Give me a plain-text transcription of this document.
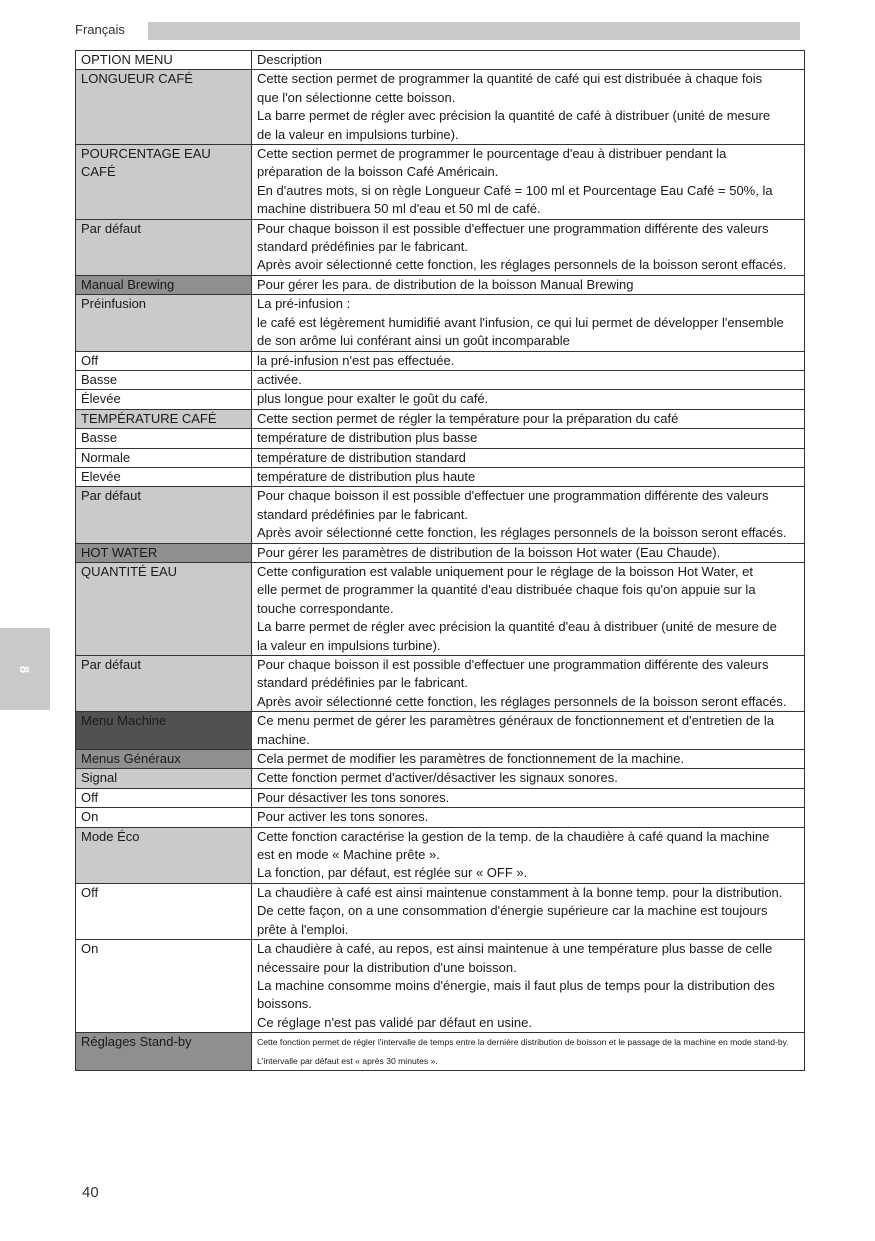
Français
8
OPTION MENU	Description

LONGUEUR CAFÉ	Cette section permet de programmer la quantité de café qui est distribuée à chaque fois
que l'on sélectionne cette boisson.
La barre permet de régler avec précision la quantité de café à distribuer (unité de mesure
de la valeur en impulsions turbine).

POURCENTAGE EAU CAFÉ	Cette section permet de programmer le pourcentage d'eau à distribuer pendant la
préparation de la boisson Café Américain.
En d'autres mots, si on règle Longueur Café = 100 ml et Pourcentage Eau Café = 50%, la
machine distribuera 50 ml d'eau et 50 ml de café.

Par défaut	Pour chaque boisson il est possible d'effectuer une programmation différente des valeurs
standard prédéfinies par le fabricant.
Après avoir sélectionné cette fonction, les réglages personnels de la boisson seront effacés.

Manual Brewing	Pour gérer les para. de distribution de la boisson Manual Brewing

Préinfusion	La pré-infusion :
le café est légèrement humidifié avant l'infusion, ce qui lui permet de développer l'ensemble
de son arôme lui conférant ainsi un goût incomparable

Off	la pré-infusion n'est pas effectuée.

Basse	activée.

Élevée	plus longue pour exalter le goût du café.

TEMPÉRATURE CAFÉ	Cette section permet de régler la température pour la préparation du café

Basse	température de distribution plus basse

Normale	température de distribution standard

Elevée	température de distribution plus haute

Par défaut	Pour chaque boisson il est possible d'effectuer une programmation différente des valeurs
standard prédéfinies par le fabricant.
Après avoir sélectionné cette fonction, les réglages personnels de la boisson seront effacés.

HOT WATER	Pour gérer les paramètres de distribution de la boisson Hot water (Eau Chaude).

QUANTITÉ EAU	Cette configuration est valable uniquement pour le réglage de la boisson Hot Water, et
elle permet de programmer la quantité d'eau distribuée chaque fois qu'on appuie sur la
touche correspondante.
La barre permet de régler avec précision la quantité d'eau à distribuer (unité de mesure de
la valeur en impulsions turbine).

Par défaut	Pour chaque boisson il est possible d'effectuer une programmation différente des valeurs
standard prédéfinies par le fabricant.
Après avoir sélectionné cette fonction, les réglages personnels de la boisson seront effacés.

Menu Machine	Ce menu permet de gérer les paramètres généraux de fonctionnement et d'entretien de la
machine.

Menus Généraux	Cela permet de modifier les paramètres de fonctionnement de la machine.

Signal	Cette fonction permet d'activer/désactiver les signaux sonores.

Off	Pour désactiver les tons sonores.

On	Pour activer les tons sonores.

Mode Éco	Cette fonction caractérise la gestion de la temp. de la chaudière à café quand la machine
est en mode « Machine prête ».
La fonction, par défaut, est réglée sur « OFF ».

Off	La chaudière à café est ainsi maintenue constamment à la bonne temp. pour la distribution.
De cette façon, on a une consommation d'énergie supérieure car la machine est toujours
prête à l'emploi.

On	La chaudière à café, au repos, est ainsi maintenue à une température plus basse de celle
nécessaire pour la distribution d'une boisson.
La machine consomme moins d'énergie, mais il faut plus de temps pour la distribution des
boissons.
Ce réglage n'est pas validé par défaut en usine.

Réglages Stand-by	Cette fonction permet de régler l'intervalle de temps entre la dernière distribution de boisson et le passage de la machine en mode stand-by.
L'intervalle par défaut est « après 30 minutes ».
40
